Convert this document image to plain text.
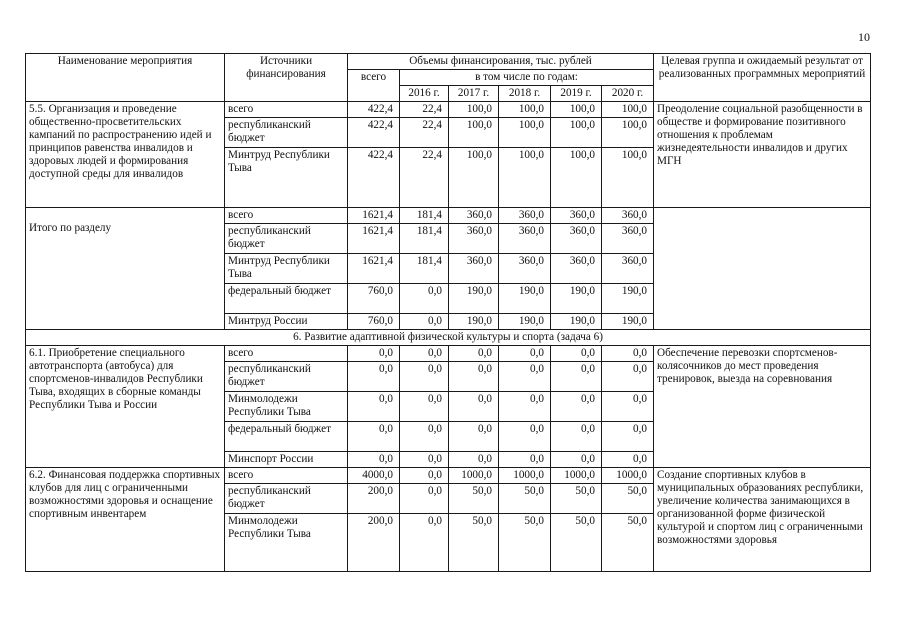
10
Наименование мероприятия	Источники финансирования	Объемы финансирования, тыс. рублей						Целевая группа и ожидаемый результат от реализованных программных мероприятий
		всего	в том числе по годам:					
			2016 г.	2017 г.	2018 г.	2019 г.	2020 г.	
5.5. Организация и проведение общественно-просветительских кампаний по распространению идей и принципов равенства инвалидов и здоровых людей и формирования доступной среды для инвалидов	всего	422,4	22,4	100,0	100,0	100,0	100,0	Преодоление социальной разобщенности в обществе и формирование позитивного отношения к проблемам жизнедеятельности инвалидов и других МГН
	республиканский бюджет	422,4	22,4	100,0	100,0	100,0	100,0	
	Минтруд Республики Тыва	422,4	22,4	100,0	100,0	100,0	100,0	
Итого по разделу	всего	1621,4	181,4	360,0	360,0	360,0	360,0	
	республиканский бюджет	1621,4	181,4	360,0	360,0	360,0	360,0	
	Минтруд Республики Тыва	1621,4	181,4	360,0	360,0	360,0	360,0	
	федеральный бюджет	760,0	0,0	190,0	190,0	190,0	190,0	
	Минтруд России	760,0	0,0	190,0	190,0	190,0	190,0	
6. Развитие адаптивной физической культуры и спорта (задача 6)								
6.1. Приобретение специального автотранспорта (автобуса) для спортсменов-инвалидов Республики Тыва, входящих в сборные команды Республики Тыва и России	всего	0,0	0,0	0,0	0,0	0,0	0,0	Обеспечение перевозки спортсменов-колясочников до мест проведения тренировок, выезда на соревнования
	республиканский бюджет	0,0	0,0	0,0	0,0	0,0	0,0	
	Минмолодежи Республики Тыва	0,0	0,0	0,0	0,0	0,0	0,0	
	федеральный бюджет	0,0	0,0	0,0	0,0	0,0	0,0	
	Минспорт России	0,0	0,0	0,0	0,0	0,0	0,0	
6.2. Финансовая поддержка спортивных клубов для лиц с ограниченными возможностями здоровья и оснащение спортивным инвентарем	всего	4000,0	0,0	1000,0	1000,0	1000,0	1000,0	Создание спортивных клубов в муниципальных образованиях республики, увеличение количества занимающихся в организованной форме физической культурой и спортом лиц с ограниченными возможностями здоровья
	республиканский бюджет	200,0	0,0	50,0	50,0	50,0	50,0	
	Минмолодежи Республики Тыва	200,0	0,0	50,0	50,0	50,0	50,0	
